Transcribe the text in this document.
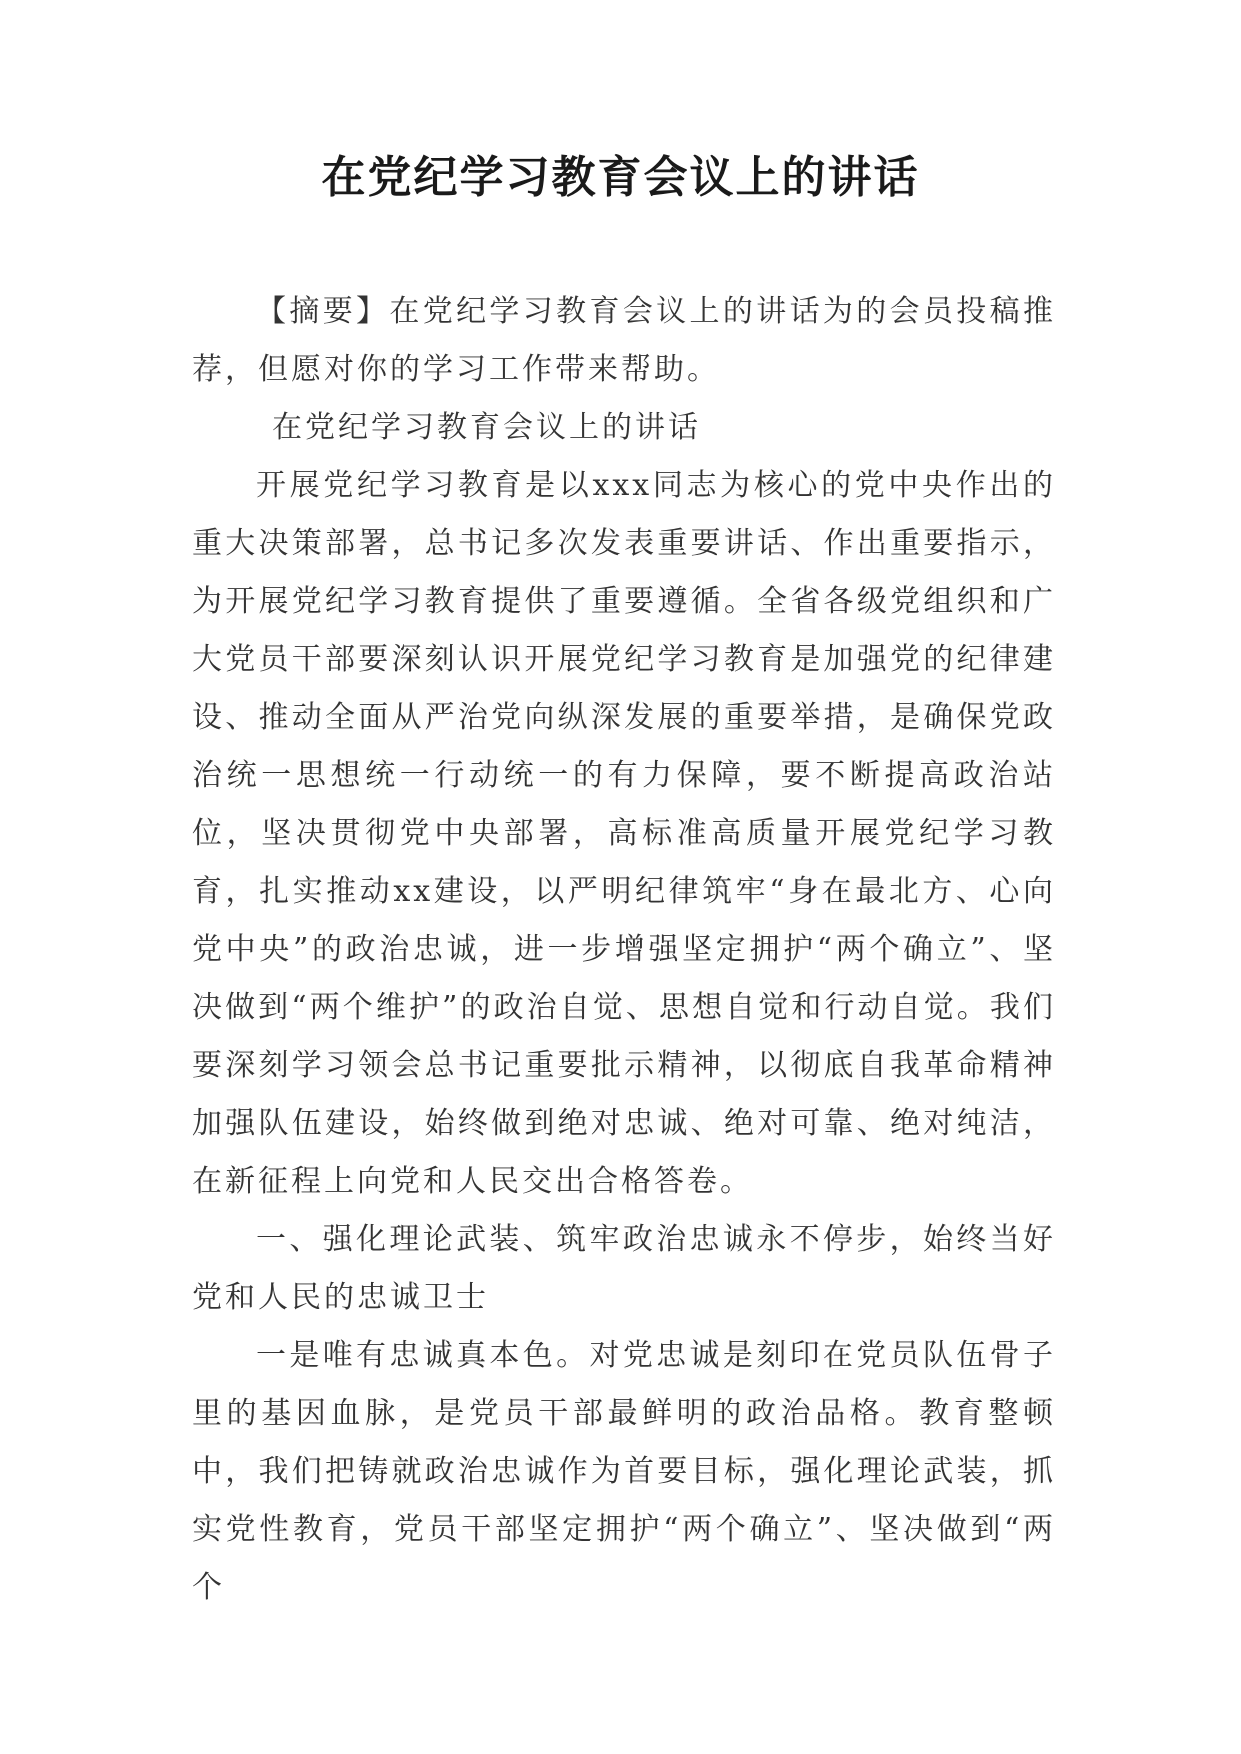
在党纪学习教育会议上的讲话

【摘要】在党纪学习教育会议上的讲话为的会员投稿推荐，但愿对你的学习工作带来帮助。

在党纪学习教育会议上的讲话

开展党纪学习教育是以xxx同志为核心的党中央作出的重大决策部署，总书记多次发表重要讲话、作出重要指示，为开展党纪学习教育提供了重要遵循。全省各级党组织和广大党员干部要深刻认识开展党纪学习教育是加强党的纪律建设、推动全面从严治党向纵深发展的重要举措，是确保党政治统一思想统一行动统一的有力保障，要不断提高政治站位，坚决贯彻党中央部署，高标准高质量开展党纪学习教育，扎实推动xx建设，以严明纪律筑牢“身在最北方、心向党中央”的政治忠诚，进一步增强坚定拥护“两个确立”、坚决做到“两个维护”的政治自觉、思想自觉和行动自觉。我们要深刻学习领会总书记重要批示精神，以彻底自我革命精神加强队伍建设，始终做到绝对忠诚、绝对可靠、绝对纯洁，在新征程上向党和人民交出合格答卷。

一、强化理论武装、筑牢政治忠诚永不停步，始终当好党和人民的忠诚卫士

一是唯有忠诚真本色。对党忠诚是刻印在党员队伍骨子里的基因血脉，是党员干部最鲜明的政治品格。教育整顿中，我们把铸就政治忠诚作为首要目标，强化理论武装，抓实党性教育，党员干部坚定拥护“两个确立”、坚决做到“两个
